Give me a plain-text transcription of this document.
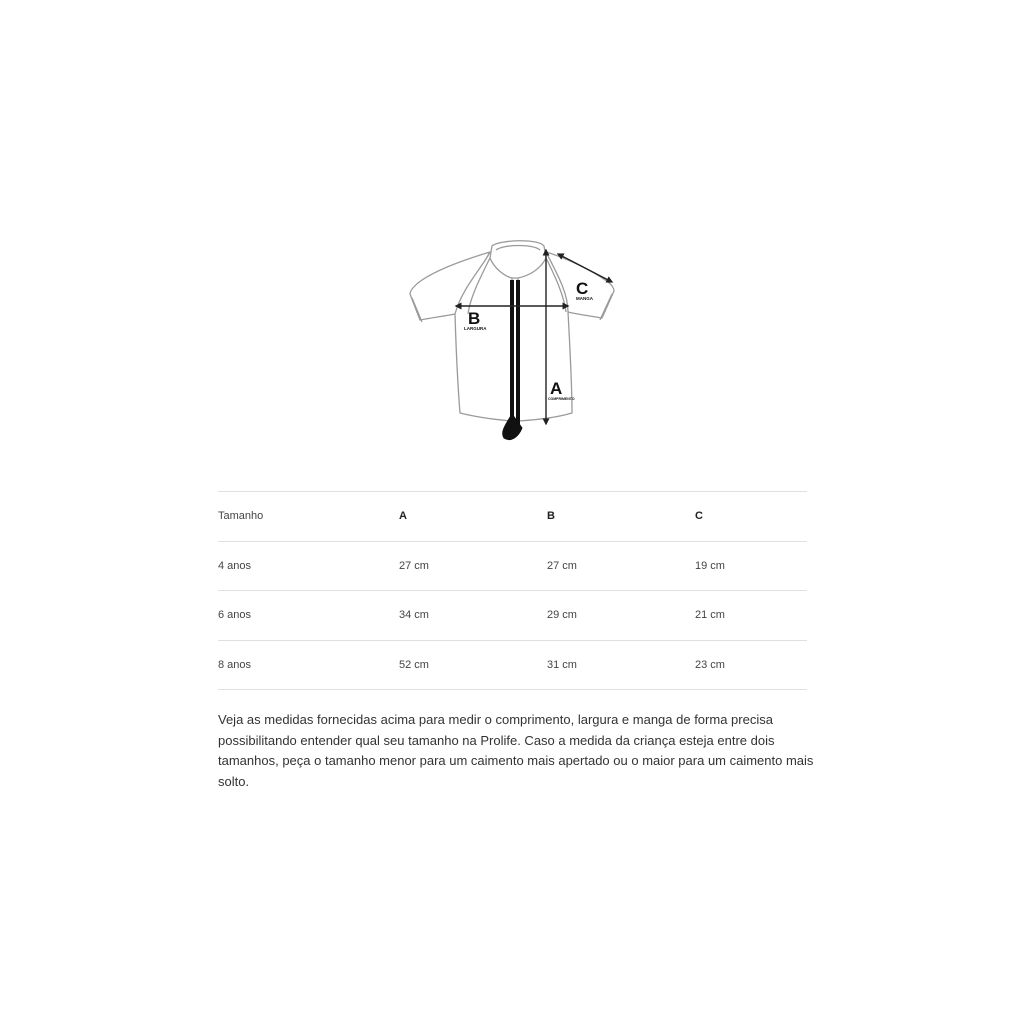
B
LARGURA
A
COMPRIMENTO
C
MANGA
Tamanho	A	B	C
4 anos	27 cm	27 cm	19 cm
6 anos	34 cm	29 cm	21 cm
8 anos	52 cm	31 cm	23 cm

Veja as medidas fornecidas acima para medir o comprimento, largura e manga de forma precisa possibilitando entender qual seu tamanho na Prolife. Caso a medida da criança esteja entre dois tamanhos, peça o tamanho menor para um caimento mais apertado ou o maior para um caimento mais solto.
